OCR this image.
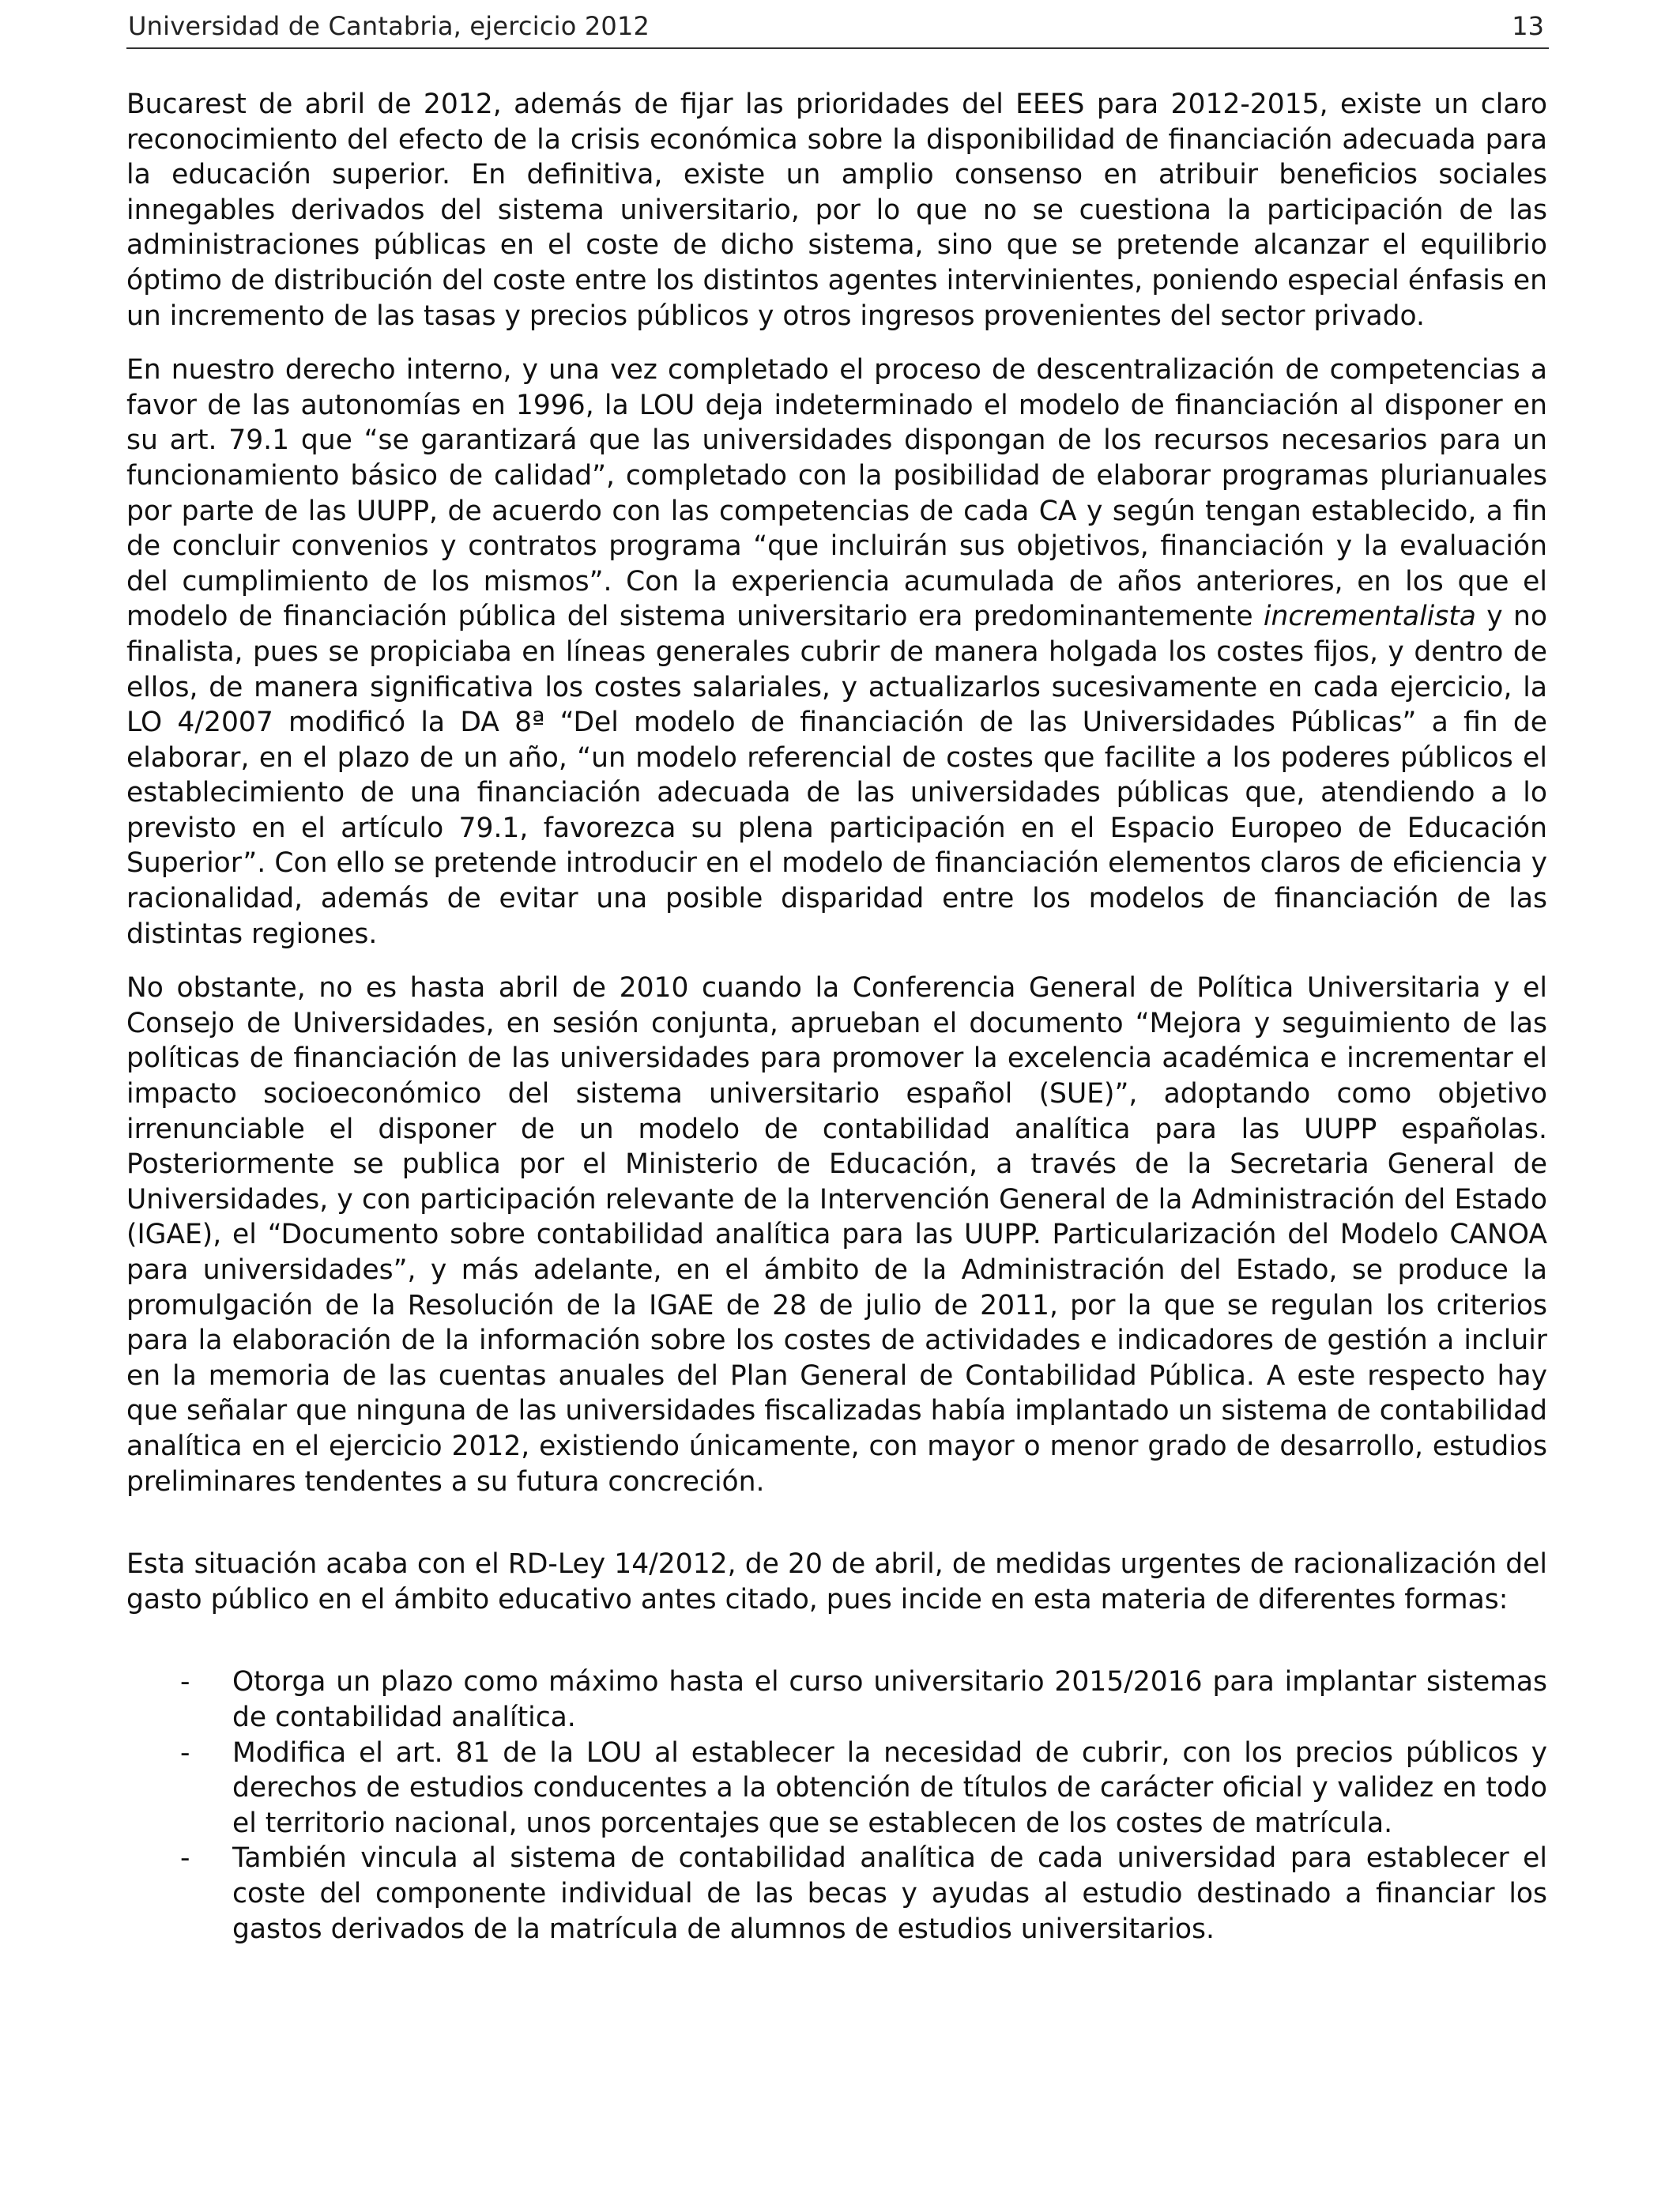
Universidad de Cantabria, ejercicio 2012	13

Bucarest de abril de 2012, además de fijar las prioridades del EEES para 2012-2015, existe un claro reconocimiento del efecto de la crisis económica sobre la disponibilidad de financiación adecuada para la educación superior. En definitiva, existe un amplio consenso en atribuir beneficios sociales innegables derivados del sistema universitario, por lo que no se cuestiona la participación de las administraciones públicas en el coste de dicho sistema, sino que se pretende alcanzar el equilibrio óptimo de distribución del coste entre los distintos agentes intervinientes, poniendo especial énfasis en un incremento de las tasas y precios públicos y otros ingresos provenientes del sector privado.

En nuestro derecho interno, y una vez completado el proceso de descentralización de competencias a favor de las autonomías en 1996, la LOU deja indeterminado el modelo de financiación al disponer en su art. 79.1 que “se garantizará que las universidades dispongan de los recursos necesarios para un funcionamiento básico de calidad”, completado con la posibilidad de elaborar programas plurianuales por parte de las UUPP, de acuerdo con las competencias de cada CA y según tengan establecido, a fin de concluir convenios y contratos programa “que incluirán sus objetivos, financiación y la evaluación del cumplimiento de los mismos”. Con la experiencia acumulada de años anteriores, en los que el modelo de financiación pública del sistema universitario era predominantemente incrementalista y no finalista, pues se propiciaba en líneas generales cubrir de manera holgada los costes fijos, y dentro de ellos, de manera significativa los costes salariales, y actualizarlos sucesivamente en cada ejercicio, la LO 4/2007 modificó la DA 8ª “Del modelo de financiación de las Universidades Públicas” a fin de elaborar, en el plazo de un año, “un modelo referencial de costes que facilite a los poderes públicos el establecimiento de una financiación adecuada de las universidades públicas que, atendiendo a lo previsto en el artículo 79.1, favorezca su plena participación en el Espacio Europeo de Educación Superior”. Con ello se pretende introducir en el modelo de financiación elementos claros de eficiencia y racionalidad, además de evitar una posible disparidad entre los modelos de financiación de las distintas regiones.

No obstante, no es hasta abril de 2010 cuando la Conferencia General de Política Universitaria y el Consejo de Universidades, en sesión conjunta, aprueban el documento “Mejora y seguimiento de las políticas de financiación de las universidades para promover la excelencia académica e incrementar el impacto socioeconómico del sistema universitario español (SUE)”, adoptando como objetivo irrenunciable el disponer de un modelo de contabilidad analítica para las UUPP españolas. Posteriormente se publica por el Ministerio de Educación, a través de la Secretaria General de Universidades, y con participación relevante de la Intervención General de la Administración del Estado (IGAE), el “Documento sobre contabilidad analítica para las UUPP. Particularización del Modelo CANOA para universidades”, y más adelante, en el ámbito de la Administración del Estado, se produce la promulgación de la Resolución de la IGAE de 28 de julio de 2011, por la que se regulan los criterios para la elaboración de la información sobre los costes de actividades e indicadores de gestión a incluir en la memoria de las cuentas anuales del Plan General de Contabilidad Pública. A este respecto hay que señalar que ninguna de las universidades fiscalizadas había implantado un sistema de contabilidad analítica en el ejercicio 2012, existiendo únicamente, con mayor o menor grado de desarrollo, estudios preliminares tendentes a su futura concreción.

Esta situación acaba con el RD-Ley 14/2012, de 20 de abril, de medidas urgentes de racionalización del gasto público en el ámbito educativo antes citado, pues incide en esta materia de diferentes formas:

- Otorga un plazo como máximo hasta el curso universitario 2015/2016 para implantar sistemas de contabilidad analítica.
- Modifica el art. 81 de la LOU al establecer la necesidad de cubrir, con los precios públicos y derechos de estudios conducentes a la obtención de títulos de carácter oficial y validez en todo el territorio nacional, unos porcentajes que se establecen de los costes de matrícula.
- También vincula al sistema de contabilidad analítica de cada universidad para establecer el coste del componente individual de las becas y ayudas al estudio destinado a financiar los gastos derivados de la matrícula de alumnos de estudios universitarios.
